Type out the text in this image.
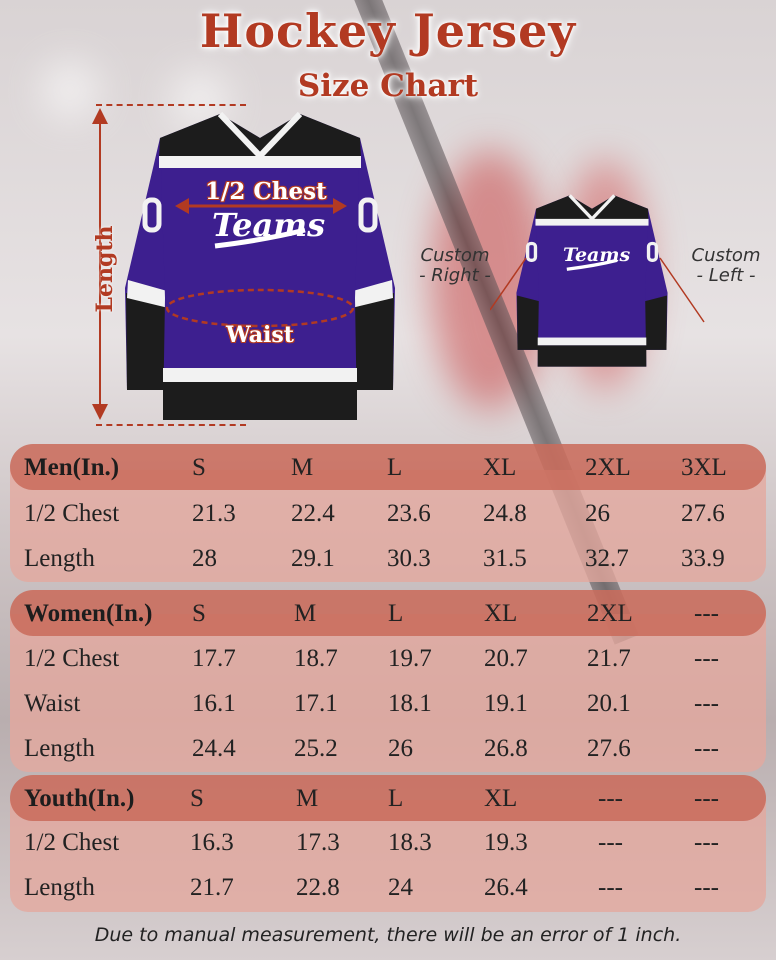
Hockey Jersey
Size Chart
Length
1/2 Chest
Teams
Waist
Teams
Custom
- Right -
Custom
- Left -
Men(In.)	S	M	L	XL	2XL 3XL
1/2 Chest	21.3 22.4 23.6 24.8 26	27.6
Length	28	29.1 30.3 31.5 32.7 33.9
Women(In.) S	M	L	XL	2XL ---
1/2 Chest	17.7 18.7 19.7 20.7 21.7	---
Waist	16.1 17.1 18.1 19.1 20.1	---
Length	24.4 25.2 26	26.8 27.6	---
Youth(In.) S	M	L	XL	---	---
1/2 Chest	16.3 17.3 18.3 19.3	---	---
Length	21.7 22.8 24	26.4	---	---
Due to manual measurement, there will be an error of 1 inch.
